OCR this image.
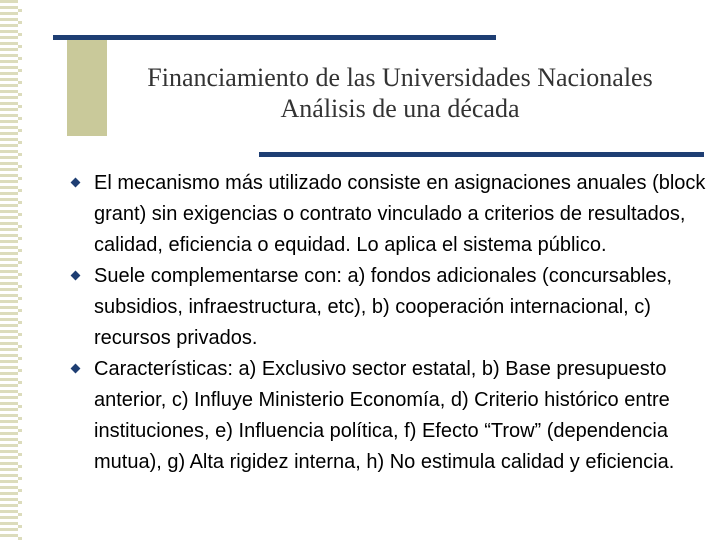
Financiamiento de las Universidades Nacionales
Análisis de una década
El mecanismo más utilizado consiste en asignaciones anuales (block grant) sin exigencias o contrato vinculado a criterios de resultados, calidad, eficiencia o equidad. Lo aplica el sistema público.
Suele complementarse con: a) fondos adicionales (concursables, subsidios, infraestructura, etc), b) cooperación internacional, c) recursos privados.
Características: a) Exclusivo sector estatal, b) Base presupuesto anterior, c) Influye Ministerio Economía, d) Criterio histórico entre instituciones, e) Influencia política, f) Efecto “Trow” (dependencia mutua), g) Alta rigidez interna, h) No estimula calidad y eficiencia.
